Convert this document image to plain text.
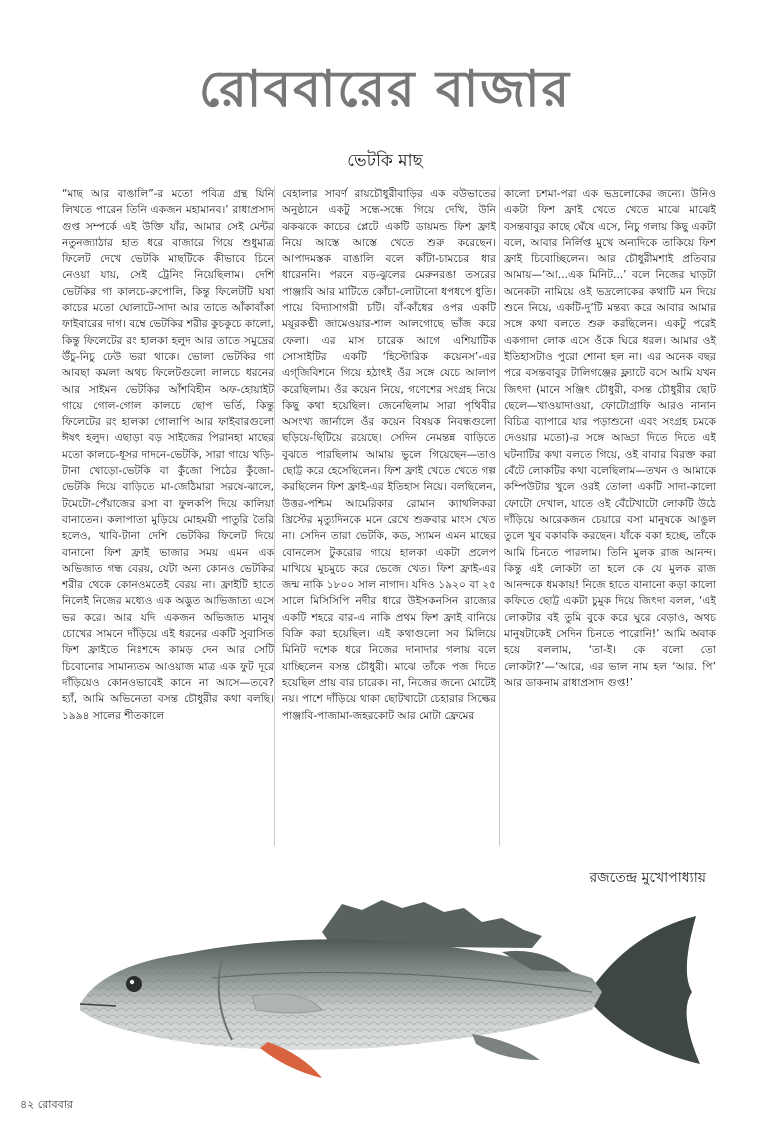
রোববারের বাজার
ভেটকি মাছ
“মাছ আর বাঙালি”-র মতো পবিত্র গ্রন্থ যিনি লিখতে পারেন তিনি একজন মহামানব।’ রাধাপ্রসাদ গুপ্ত সম্পর্কে এই উক্তি যাঁর, আমার সেই মেন্টর নতুনজ্যাঠার হাত ধরে বাজারে গিয়ে শুধুমাত্র ফিলেট দেখে ভেটকি মাছটিকে কীভাবে চিনে নেওয়া যায়, সেই ট্রেনিং নিয়েছিলাম। দেশি ভেটকির গা কালচে-রুপোলি, কিন্তু ফিলেটটি ঘষা কাচের মতো ঘোলাটে-সাদা আর তাতে আঁকাবাঁকা ফাইবারের দাগ। বম্বে ভেটকির শরীর কুচকুচে কালো, কিন্তু ফিলেটের রং হালকা হলুদ আর তাতে সমুদ্রের উঁচু-নিচু ঢেউ ভরা থাকে। ভোলা ভেটকির গা আবছা কমলা অথচ ফিলেটগুলো লালচে ধরনের আর সাইমন ভেটকির আঁশবিহীন অফ-হোয়াইট গায়ে গোল-গোল কালচে ছোপ ভর্তি, কিন্তু ফিলেটের রং হালকা গোলাপি আর ফাইবারগুলো ঈষৎ হলুদ। এছাড়া বড় সাইজের পিরানহা মাছের মতো কালচে-ধূসর দাদনে-ভেটকি, সারা গায়ে খড়ি-টানা খোড়ো-ভেটকি বা কুঁজো পিঠের কুঁজো-ভেটকি দিয়ে বাড়িতে মা-জেঠিমারা সরষে-ঝালে, টমেটো-পেঁয়াজের রসা বা ফুলকপি দিয়ে কালিয়া বানাতেন। কলাপাতা মুড়িয়ে মোহময়ী পাতুরি তৈরি হলেও, খাবি-টানা দেশি ভেটকির ফিলেট দিয়ে বানানো ফিশ ফ্রাই ভাজার সময় এমন এক অভিজাত গন্ধ বেরয়, যেটা অন্য কোনও ভেটকির শরীর থেকে কোনওমতেই বেরয় না। ফ্রাইটি হাতে নিলেই নিজের মধ্যেও এক অদ্ভুত আভিজাত্য এসে ভর করে। আর যদি একজন অভিজাত মানুষ চোখের সামনে দাঁড়িয়ে এই ধরনের একটি সুবাসিত ফিশ ফ্রাইতে নিঃশব্দে কামড় দেন আর সেটি চিবোনোর সামান্যতম আওয়াজ মাত্র এক ফুট দূরে দাঁড়িয়েও কোনওভাবেই কানে না আসে—তবে? হ্যাঁ, আমি অভিনেতা বসন্ত চৌধুরীর কথা বলছি। ১৯৯৪ সালের শীতকালে
বেহালার সাবর্ণ রায়চৌধুরীবাড়ির এক বউভাতের অনুষ্ঠানে একটু সন্ধে-সন্ধে গিয়ে দেখি, উনি ঝকঝকে কাচের প্লেটে একটি ডায়মন্ড ফিশ ফ্রাই নিয়ে আস্তে আস্তে খেতে শুরু করেছেন। আপাদমস্তক বাঙালি বলে কাঁটা-চামচের ধার ধারেননি। পরনে বড়-ঝুলের মেরুনরঙা তসরের পাঞ্জাবি আর মাটিতে কোঁচা-লোটানো ধপধপে ধুতি। পায়ে বিদ্যাসাগরী চটি। বাঁ-কাঁধের ওপর একটি ময়ূরকণ্ঠী জামেওয়ার-শাল আলগোছে ভাঁজ করে ফেলা। এর মাস চারেক আগে এশিয়াটিক সোসাইটির একটি ‘হিস্টোরিক কয়েনস’-এর এগ্‌জিবিশনে গিয়ে হঠাৎই ওঁর সঙ্গে যেচে আলাপ করেছিলাম। ওঁর কয়েন নিয়ে, গণেশের সংগ্রহ নিয়ে কিছু কথা হয়েছিল। জেনেছিলাম সারা পৃথিবীর অসংখ্য জার্নালে ওঁর কয়েন বিষয়ক নিবন্ধগুলো ছড়িয়ে-ছিটিয়ে রয়েছে। সেদিন নেমন্তন্ন বাড়িতে বুঝতে পারছিলাম আমায় ভুলে গিয়েছেন—তাও ছোট্ট করে হেসেছিলেন। ফিশ ফ্রাই খেতে খেতে গল্প করছিলেন ফিশ ফ্রাই-এর ইতিহাস নিয়ে। বলছিলেন, উত্তর-পশ্চিম আমেরিকার রোমান ক্যাথলিকরা খ্রিস্টের মৃত্যুদিনকে মনে রেখে শুক্রবার মাংস খেত না। সেদিন তারা ভেটকি, কড, স্যামন এমন মাছের বোনলেস টুকরোর গায়ে হালকা একটা প্রলেপ মাখিয়ে মুচমুচে করে ভেজে খেত। ফিশ ফ্রাই-এর জন্ম নাকি ১৮০০ সাল নাগাদ। যদিও ১৯২০ বা ২৫ সালে মিসিসিপি নদীর ধারে উইসকনসিন রাজ্যের একটি শহরে বার-এ নাকি প্রথম ফিশ ফ্রাই বানিয়ে বিক্রি করা হয়েছিল। এই কথাগুলো সব মিলিয়ে মিনিট দশেক ধরে নিজের দানাদার গলায় বলে যাচ্ছিলেন বসন্ত চৌধুরী। মাঝে তাঁকে পজ দিতে হয়েছিল প্রায় বার চারেক। না, নিজের জন্যে মোটেই নয়। পাশে দাঁড়িয়ে থাকা ছোটখাটো চেহারার সিল্কের পাঞ্জাবি-পাজামা-জহরকোট আর মোটা ফ্রেমের
কালো চশমা-পরা এক ভদ্রলোকের জন্যে। উনিও একটা ফিশ ফ্রাই খেতে খেতে মাঝে মাঝেই বসন্তবাবুর কাছে ঘেঁষে এসে, নিচু গলায় কিছু একটা বলে, আবার নির্লিপ্ত মুখে অন্যদিকে তাকিয়ে ফিশ ফ্রাই চিবোচ্ছিলেন। আর চৌধুরীমশাই প্রতিবার আমায়—‘আ...এক মিনিট...’ বলে নিজের ঘাড়টা অনেকটা নামিয়ে ওই ভদ্রলোকের কথাটি মন দিয়ে শুনে নিয়ে, একটি-দু’টি মন্তব্য করে আবার আমার সঙ্গে কথা বলতে শুরু করছিলেন। একটু পরেই একগাদা লোক এসে ওঁকে ঘিরে ধরল। আমার ওই ইতিহাসটাও পুরো শোনা হল না। এর অনেক বছর পরে বসন্তবাবুর টালিগঞ্জের ফ্ল্যাটে বসে আমি যখন জিৎদা (মানে সঞ্জিৎ চৌধুরী, বসন্ত চৌধুরীর ছোট ছেলে—খাওয়াদাওয়া, ফোটোগ্রাফি আরও নানান বিচিত্র ব্যাপারে যার পড়াশুনো এবং সংগ্রহ চমকে দেওয়ার মতো)-র সঙ্গে আড্ডা দিতে দিতে এই ঘটনাটির কথা বলতে গিয়ে, ওই বাবার বিরক্ত করা বেঁটে লোকটির কথা বলেছিলাম—তখন ও আমাকে কম্পিউটার খুলে ওরই তোলা একটি সাদা-কালো ফোটো দেখাল, যাতে ওই বেঁটেখাটো লোকটি উঠে দাঁড়িয়ে আরেকজন চেয়ারে বসা মানুষকে আঙুল তুলে খুব বকাবকি করছেন। যাঁকে বকা হচ্ছে, তাঁকে আমি চিনতে পারলাম। তিনি মুলক রাজ আনন্দ। কিন্তু এই লোকটা তা হলে কে যে মুলক রাজ আনন্দকে ধমকায়! নিজে হাতে বানানো কড়া কালো কফিতে ছোট্ট একটা চুমুক দিয়ে জিৎদা বলল, ‘এই লোকটার বই তুমি বুকে করে ঘুরে বেড়াও, অথচ মানুষটাকেই সেদিন চিনতে পারোনি!’ আমি অবাক হয়ে বললাম, ‘তা-ই। কে বলো তো লোকটা?’—‘আরে, এর ভাল নাম হল ‘আর. পি’ আর ডাকনাম রাধাপ্রসাদ গুপ্ত!’
রজতেন্দ্র মুখোপাধ্যায়
৪২ রোববার
